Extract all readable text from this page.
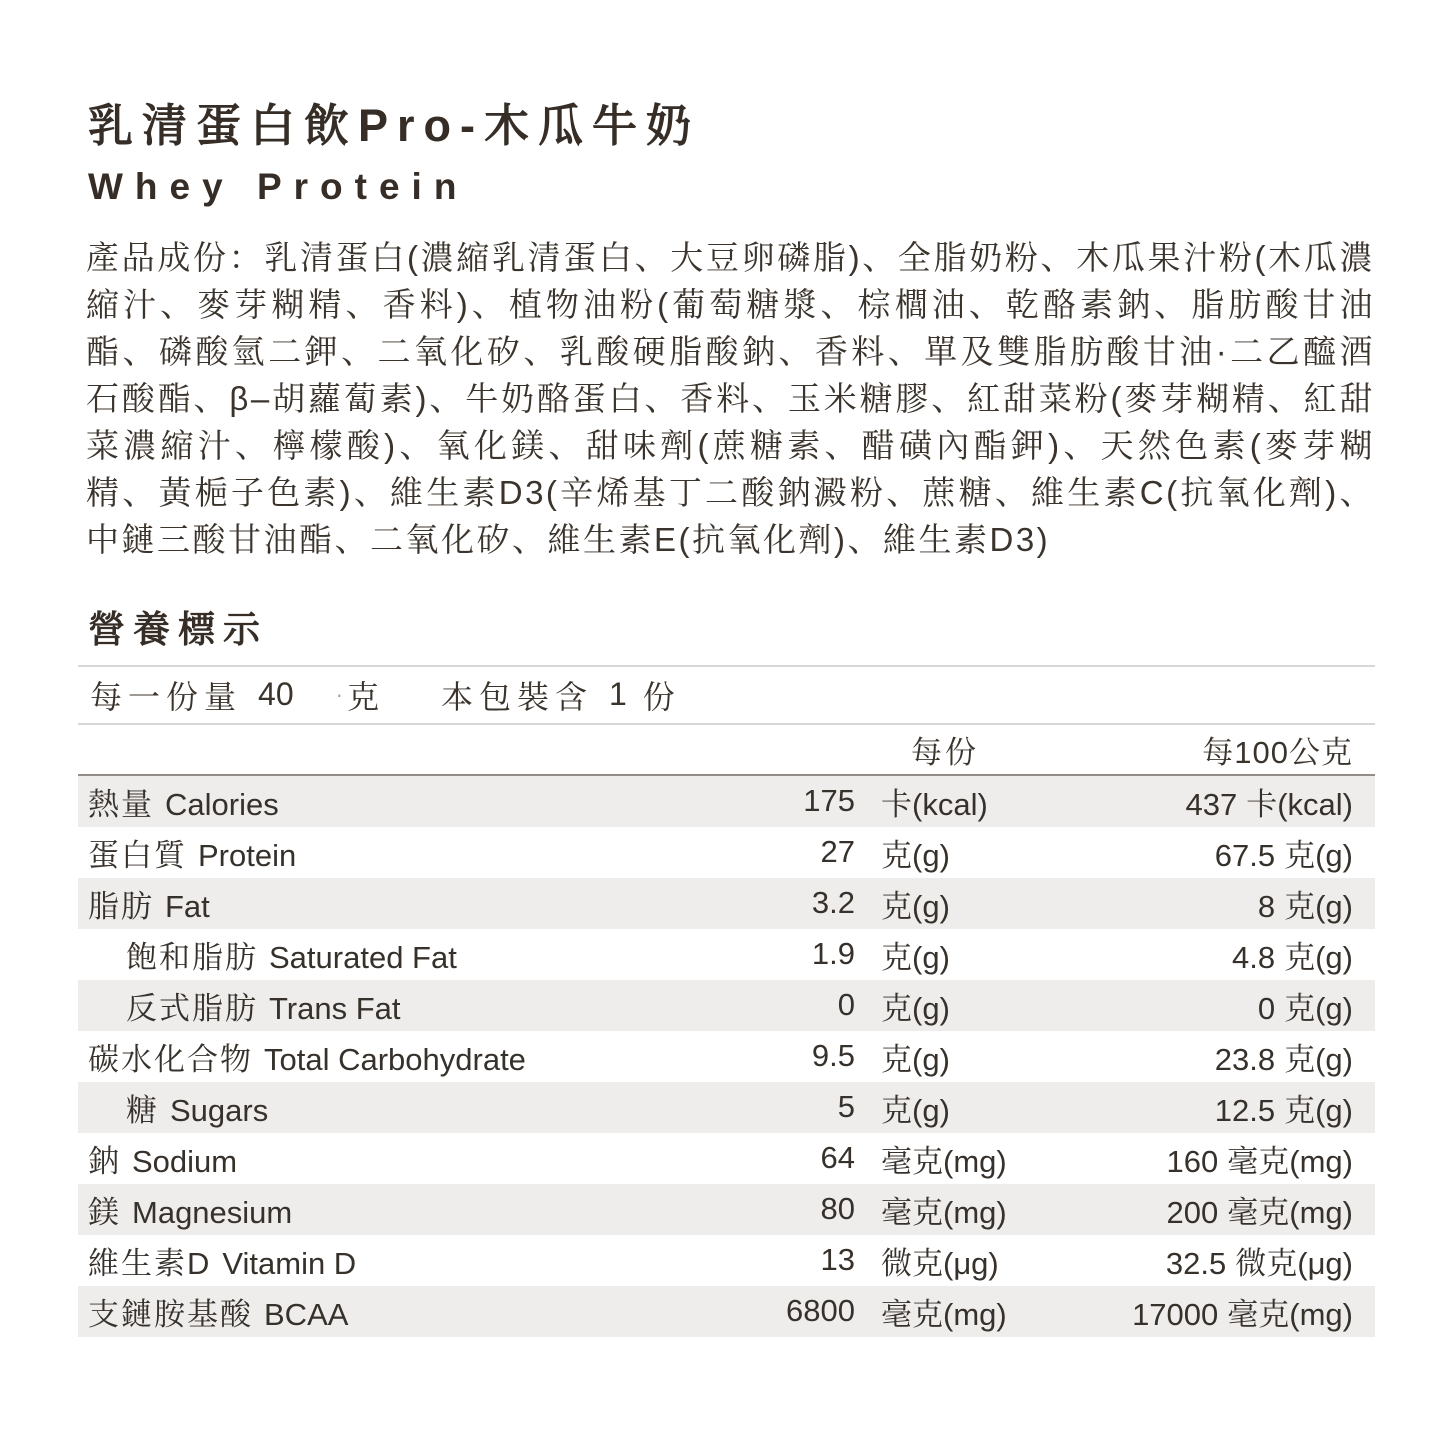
乳清蛋白飲Pro-木瓜牛奶
Whey Protein
產品成份：乳清蛋白(濃縮乳清蛋白、大豆卵磷脂)、全脂奶粉、木瓜果汁粉(木瓜濃縮汁、麥芽糊精、香料)、植物油粉(葡萄糖漿、棕櫚油、乾酪素鈉、脂肪酸甘油酯、磷酸氫二鉀、二氧化矽、乳酸硬脂酸鈉、香料、單及雙脂肪酸甘油·二乙醯酒石酸酯、β–胡蘿蔔素)、牛奶酪蛋白、香料、玉米糖膠、紅甜菜粉(麥芽糊精、紅甜菜濃縮汁、檸檬酸)、氧化鎂、甜味劑(蔗糖素、醋磺內酯鉀)、天然色素(麥芽糊精、黃梔子色素)、維生素D3(辛烯基丁二酸鈉澱粉、蔗糖、維生素C(抗氧化劑)、中鏈三酸甘油酯、二氧化矽、維生素E(抗氧化劑)、維生素D3)
營養標示
每一份量 40 · 克 本包裝含 1 份
每份	每100公克
熱量 Calories	175 卡(kcal)	437 卡(kcal)
蛋白質 Protein	27 克(g)	67.5 克(g)
脂肪 Fat	3.2 克(g)	8 克(g)
飽和脂肪 Saturated Fat	1.9 克(g)	4.8 克(g)
反式脂肪 Trans Fat	0 克(g)	0 克(g)
碳水化合物 Total Carbohydrate	9.5 克(g)	23.8 克(g)
糖 Sugars	5 克(g)	12.5 克(g)
鈉 Sodium	64 毫克(mg)	160 毫克(mg)
鎂 Magnesium	80 毫克(mg)	200 毫克(mg)
維生素D Vitamin D	13 微克(μg)	32.5 微克(μg)
支鏈胺基酸 BCAA	6800 毫克(mg)	17000 毫克(mg)
